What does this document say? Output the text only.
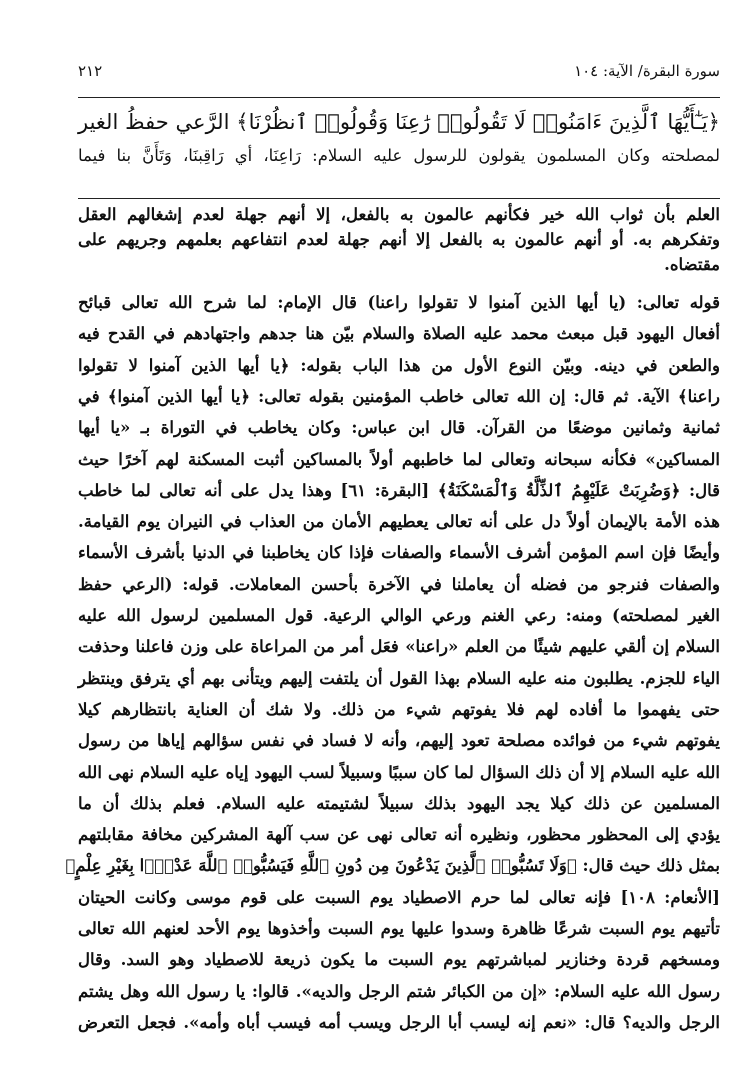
سورة البقرة/ الآية: ١٠٤
٢١٢
﴿يَـٰٓأَيُّهَا ٱلَّذِينَ ءَامَنُوا۟ لَا تَقُولُوا۟ رَٰعِنَا وَقُولُوا۟ ٱنظُرْنَا﴾ الرَّعي حفظُ الغير
لمصلحته وكان المسلمون يقولون للرسول عليه السلام: رَاعِنَا، أي رَاقِبنَا، وَتَأَنَّ بنا فيما
العلم بأن ثواب الله خير فكأنهم عالمون به بالفعل، إلا أنهم جهلة لعدم إشغالهم العقل
وتفكرهم به. أو أنهم عالمون به بالفعل إلا أنهم جهلة لعدم انتفاعهم بعلمهم وجريهم على
مقتضاه.
قوله تعالى: (يا أيها الذين آمنوا لا تقولوا راعنا) قال الإمام: لما شرح الله تعالى قبائح
أفعال اليهود قبل مبعث محمد عليه الصلاة والسلام بيّن هنا جدهم واجتهادهم في القدح فيه
والطعن في دينه. وبيّن النوع الأول من هذا الباب بقوله: ﴿يا أيها الذين آمنوا لا تقولوا
راعنا﴾ الآية. ثم قال: إن الله تعالى خاطب المؤمنين بقوله تعالى: ﴿يا أيها الذين آمنوا﴾ في
ثمانية وثمانين موضعًا من القرآن. قال ابن عباس: وكان يخاطب في التوراة بـ «يا أيها
المساكين» فكأنه سبحانه وتعالى لما خاطبهم أولاً بالمساكين أثبت المسكنة لهم آخرًا حيث
قال: ﴿وَضُرِبَتْ عَلَيْهِمُ ٱلذِّلَّةُ وَٱلْمَسْكَنَةُ﴾ [البقرة: ٦١] وهذا يدل على أنه تعالى لما خاطب
هذه الأمة بالإيمان أولاً دل على أنه تعالى يعطيهم الأمان من العذاب في النيران يوم القيامة.
وأيضًا فإن اسم المؤمن أشرف الأسماء والصفات فإذا كان يخاطبنا في الدنيا بأشرف الأسماء
والصفات فنرجو من فضله أن يعاملنا في الآخرة بأحسن المعاملات. قوله: (الرعي حفظ
الغير لمصلحته) ومنه: رعي الغنم ورعي الوالي الرعية. قول المسلمين لرسول الله عليه
السلام إن ألقي عليهم شيئًا من العلم «راعنا» فعَل أمر من المراعاة على وزن فاعلنا وحذفت
الياء للجزم. يطلبون منه عليه السلام بهذا القول أن يلتفت إليهم ويتأنى بهم أي يترفق وينتظر
حتى يفهموا ما أفاده لهم فلا يفوتهم شيء من ذلك. ولا شك أن العناية بانتظارهم كيلا
يفوتهم شيء من فوائده مصلحة تعود إليهم، وأنه لا فساد في نفس سؤالهم إياها من رسول
الله عليه السلام إلا أن ذلك السؤال لما كان سببًا وسبيلاً لسب اليهود إياه عليه السلام نهى الله
المسلمين عن ذلك كيلا يجد اليهود بذلك سبيلاً لشتيمته عليه السلام. فعلم بذلك أن ما
يؤدي إلى المحظور محظور، ونظيره أنه تعالى نهى عن سب آلهة المشركين مخافة مقابلتهم
بمثل ذلك حيث قال: ﴿وَلَا تَسُبُّوا۟ ٱلَّذِينَ يَدْعُونَ مِن دُونِ ٱللَّهِ فَيَسُبُّوا۟ ٱللَّهَ عَدْوًۢا بِغَيْرِ عِلْمٍ﴾
[الأنعام: ١٠٨] فإنه تعالى لما حرم الاصطياد يوم السبت على قوم موسى وكانت الحيتان
تأتيهم يوم السبت شرعًا ظاهرة وسدوا عليها يوم السبت وأخذوها يوم الأحد لعنهم الله تعالى
ومسخهم قردة وخنازير لمباشرتهم يوم السبت ما يكون ذريعة للاصطياد وهو السد. وقال
رسول الله عليه السلام: «إن من الكبائر شتم الرجل والديه». قالوا: يا رسول الله وهل يشتم
الرجل والديه؟ قال: «نعم إنه ليسب أبا الرجل ويسب أمه فيسب أباه وأمه». فجعل التعرض
